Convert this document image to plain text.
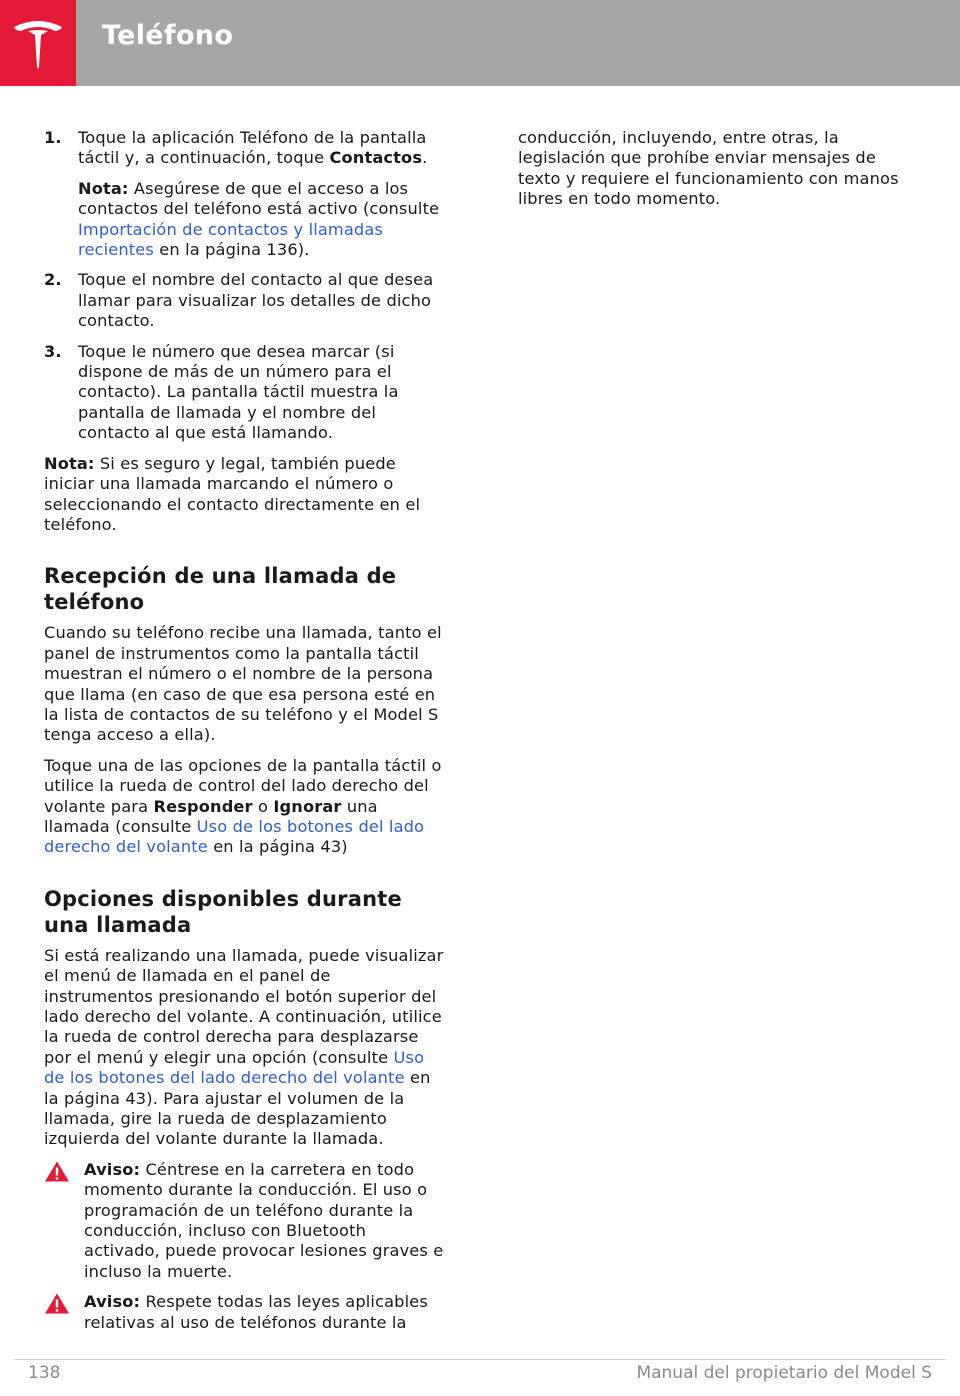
Teléfono
1. Toque la aplicación Teléfono de la pantalla táctil y, a continuación, toque Contactos.

Nota: Asegúrese de que el acceso a los contactos del teléfono está activo (consulte Importación de contactos y llamadas recientes en la página 136).

2. Toque el nombre del contacto al que desea llamar para visualizar los detalles de dicho contacto.

3. Toque le número que desea marcar (si dispone de más de un número para el contacto). La pantalla táctil muestra la pantalla de llamada y el nombre del contacto al que está llamando.

Nota: Si es seguro y legal, también puede iniciar una llamada marcando el número o seleccionando el contacto directamente en el teléfono.

Recepción de una llamada de teléfono

Cuando su teléfono recibe una llamada, tanto el panel de instrumentos como la pantalla táctil muestran el número o el nombre de la persona que llama (en caso de que esa persona esté en la lista de contactos de su teléfono y el Model S tenga acceso a ella).

Toque una de las opciones de la pantalla táctil o utilice la rueda de control del lado derecho del volante para Responder o Ignorar una llamada (consulte Uso de los botones del lado derecho del volante en la página 43)

Opciones disponibles durante una llamada

Si está realizando una llamada, puede visualizar el menú de llamada en el panel de instrumentos presionando el botón superior del lado derecho del volante. A continuación, utilice la rueda de control derecha para desplazarse por el menú y elegir una opción (consulte Uso de los botones del lado derecho del volante en la página 43). Para ajustar el volumen de la llamada, gire la rueda de desplazamiento izquierda del volante durante la llamada.

Aviso: Céntrese en la carretera en todo momento durante la conducción. El uso o programación de un teléfono durante la conducción, incluso con Bluetooth activado, puede provocar lesiones graves e incluso la muerte.

Aviso: Respete todas las leyes aplicables relativas al uso de teléfonos durante la

conducción, incluyendo, entre otras, la legislación que prohíbe enviar mensajes de texto y requiere el funcionamiento con manos libres en todo momento.

138	Manual del propietario del Model S
